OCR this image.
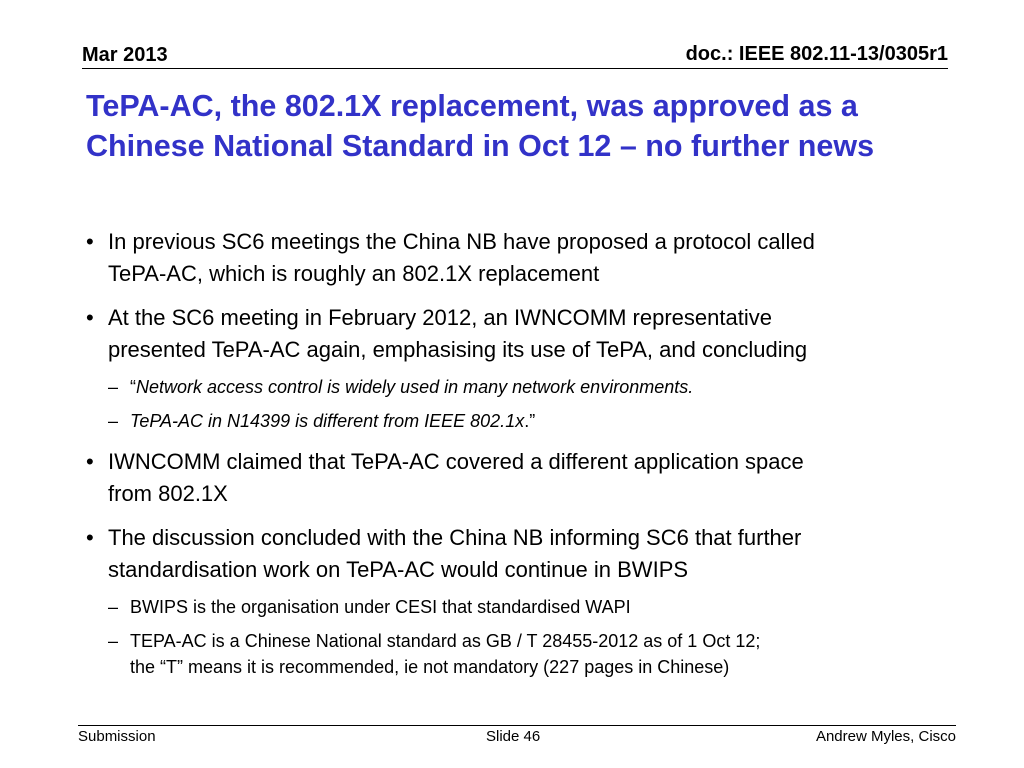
Mar 2013	doc.: IEEE 802.11-13/0305r1
TePA-AC, the 802.1X replacement, was approved as a
Chinese National Standard in Oct 12 – no further news
• In previous SC6 meetings the China NB have proposed a protocol called
TePA-AC, which is roughly an 802.1X replacement
• At the SC6 meeting in February 2012, an IWNCOMM representative
presented TePA-AC again, emphasising its use of TePA, and concluding
– “Network access control is widely used in many network environments.
– TePA-AC in N14399 is different from IEEE 802.1x.”
• IWNCOMM claimed that TePA-AC covered a different application space
from 802.1X
• The discussion concluded with the China NB informing SC6 that further
standardisation work on TePA-AC would continue in BWIPS
– BWIPS is the organisation under CESI that standardised WAPI
– TEPA-AC is a Chinese National standard as GB / T 28455-2012 as of 1 Oct 12;
the “T” means it is recommended, ie not mandatory (227 pages in Chinese)
Submission	Slide 46	Andrew Myles, Cisco
